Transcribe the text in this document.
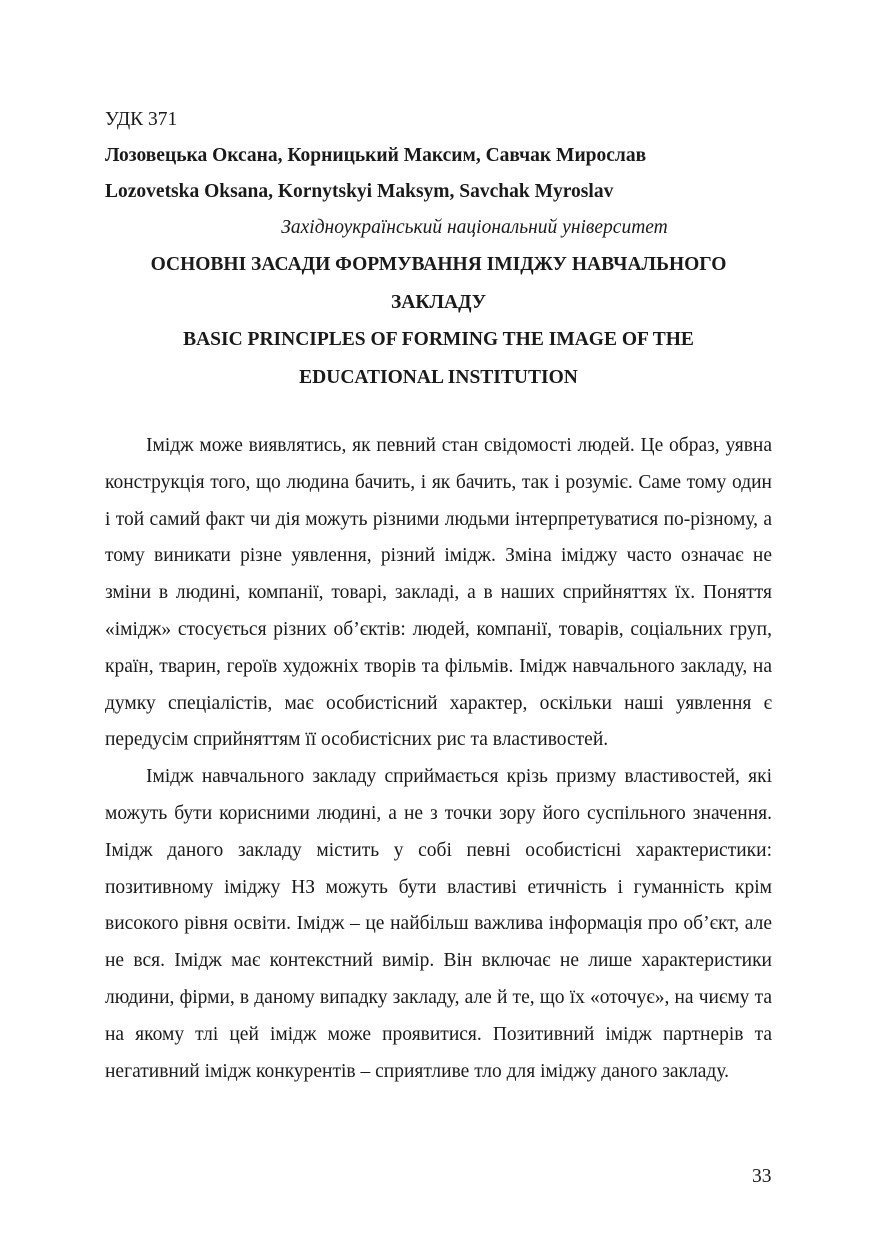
УДК 371
Лозовецька Оксана, Корницький Максим, Савчак Мирослав
Lozovetska Oksana, Kornytskyi Maksym, Savchak Myroslav
Західноукраїнський національний університет
ОСНОВНІ ЗАСАДИ ФОРМУВАННЯ ІМІДЖУ НАВЧАЛЬНОГО
ЗАКЛАДУ
BASIC PRINCIPLES OF FORMING THE IMAGE OF THE
EDUCATIONAL INSTITUTION

Імідж може виявлятись, як певний стан свідомості людей. Це образ, уявна конструкція того, що людина бачить, і як бачить, так і розуміє. Саме тому один і той самий факт чи дія можуть різними людьми інтерпретуватися по-різному, а тому виникати різне уявлення, різний імідж. Зміна іміджу часто означає не зміни в людині, компанії, товарі, закладі, а в наших сприйняттях їх. Поняття «імідж» стосується різних об’єктів: людей, компанії, товарів, соціальних груп, країн, тварин, героїв художніх творів та фільмів. Імідж навчального закладу, на думку спеціалістів, має особистісний характер, оскільки наші уявлення є передусім сприйняттям її особистісних рис та властивостей.

Імідж навчального закладу сприймається крізь призму властивостей, які можуть бути корисними людині, а не з точки зору його суспільного значення. Імідж даного закладу містить у собі певні особистісні характеристики: позитивному іміджу НЗ можуть бути властиві етичність і гуманність крім високого рівня освіти. Імідж – це найбільш важлива інформація про об’єкт, але не вся. Імідж має контекстний вимір. Він включає не лише характеристики людини, фірми, в даному випадку закладу, але й те, що їх «оточує», на чиєму та на якому тлі цей імідж може проявитися. Позитивний імідж партнерів та негативний імідж конкурентів – сприятливе тло для іміджу даного закладу.

33
